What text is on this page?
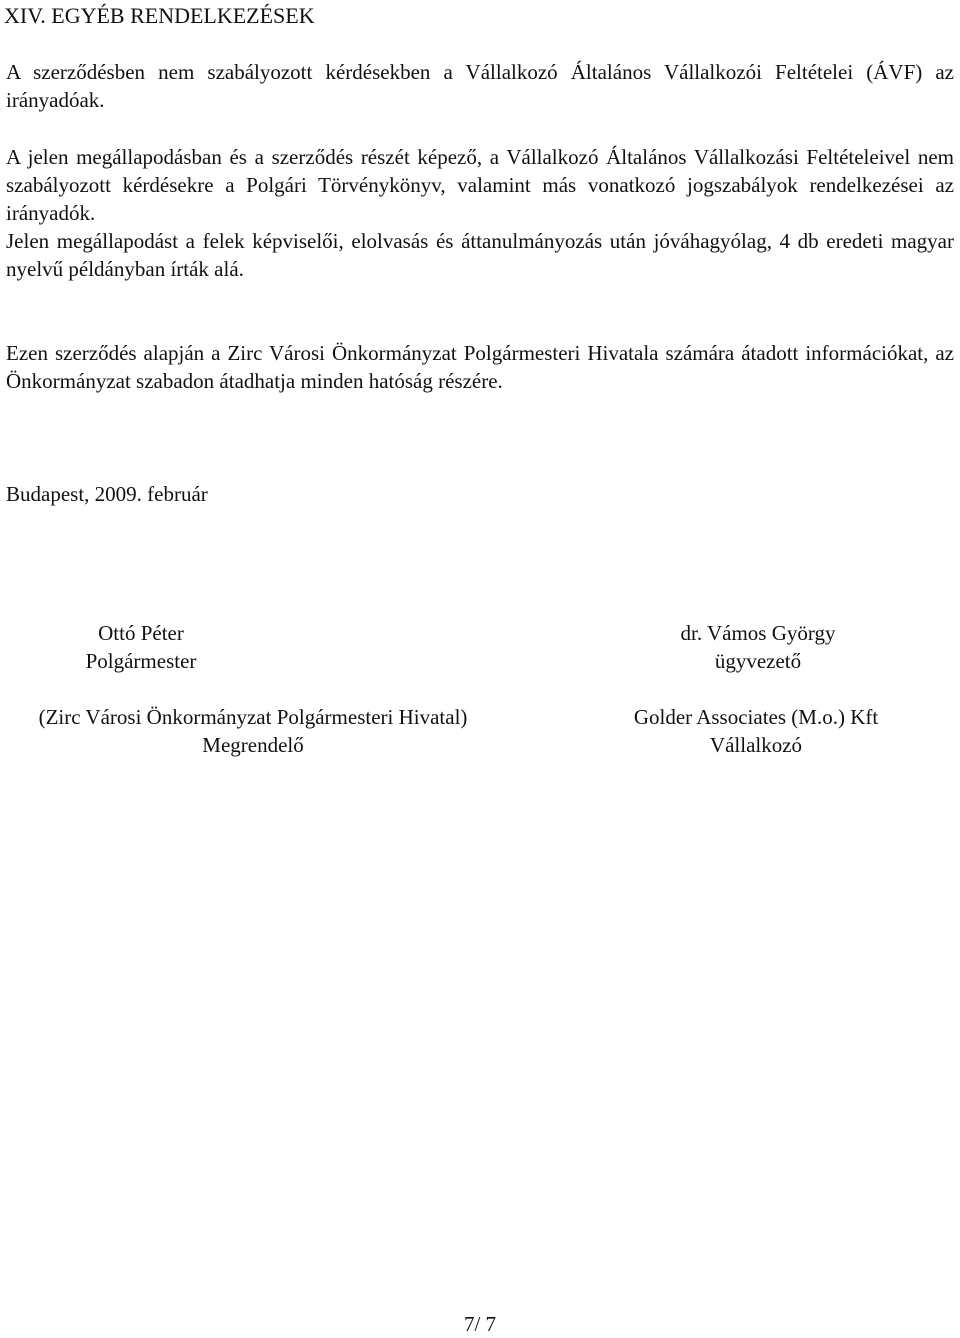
XIV. EGYÉB RENDELKEZÉSEK

A szerződésben nem szabályozott kérdésekben a Vállalkozó Általános Vállalkozói Feltételei (ÁVF) az irányadóak.

A jelen megállapodásban és a szerződés részét képező, a Vállalkozó Általános Vállalkozási Feltételeivel nem szabályozott kérdésekre a Polgári Törvénykönyv, valamint más vonatkozó jogszabályok rendelkezései az irányadók.

Jelen megállapodást a felek képviselői, elolvasás és áttanulmányozás után jóváhagyólag, 4 db eredeti magyar nyelvű példányban írták alá.

Ezen szerződés alapján a Zirc Városi Önkormányzat Polgármesteri Hivatala számára átadott információkat, az Önkormányzat szabadon átadhatja minden hatóság részére.

Budapest, 2009. február

Ottó Péter
Polgármester
dr. Vámos György
ügyvezető
(Zirc Városi Önkormányzat Polgármesteri Hivatal)
Megrendelő
Golder Associates (M.o.) Kft
Vállalkozó
7/ 7
